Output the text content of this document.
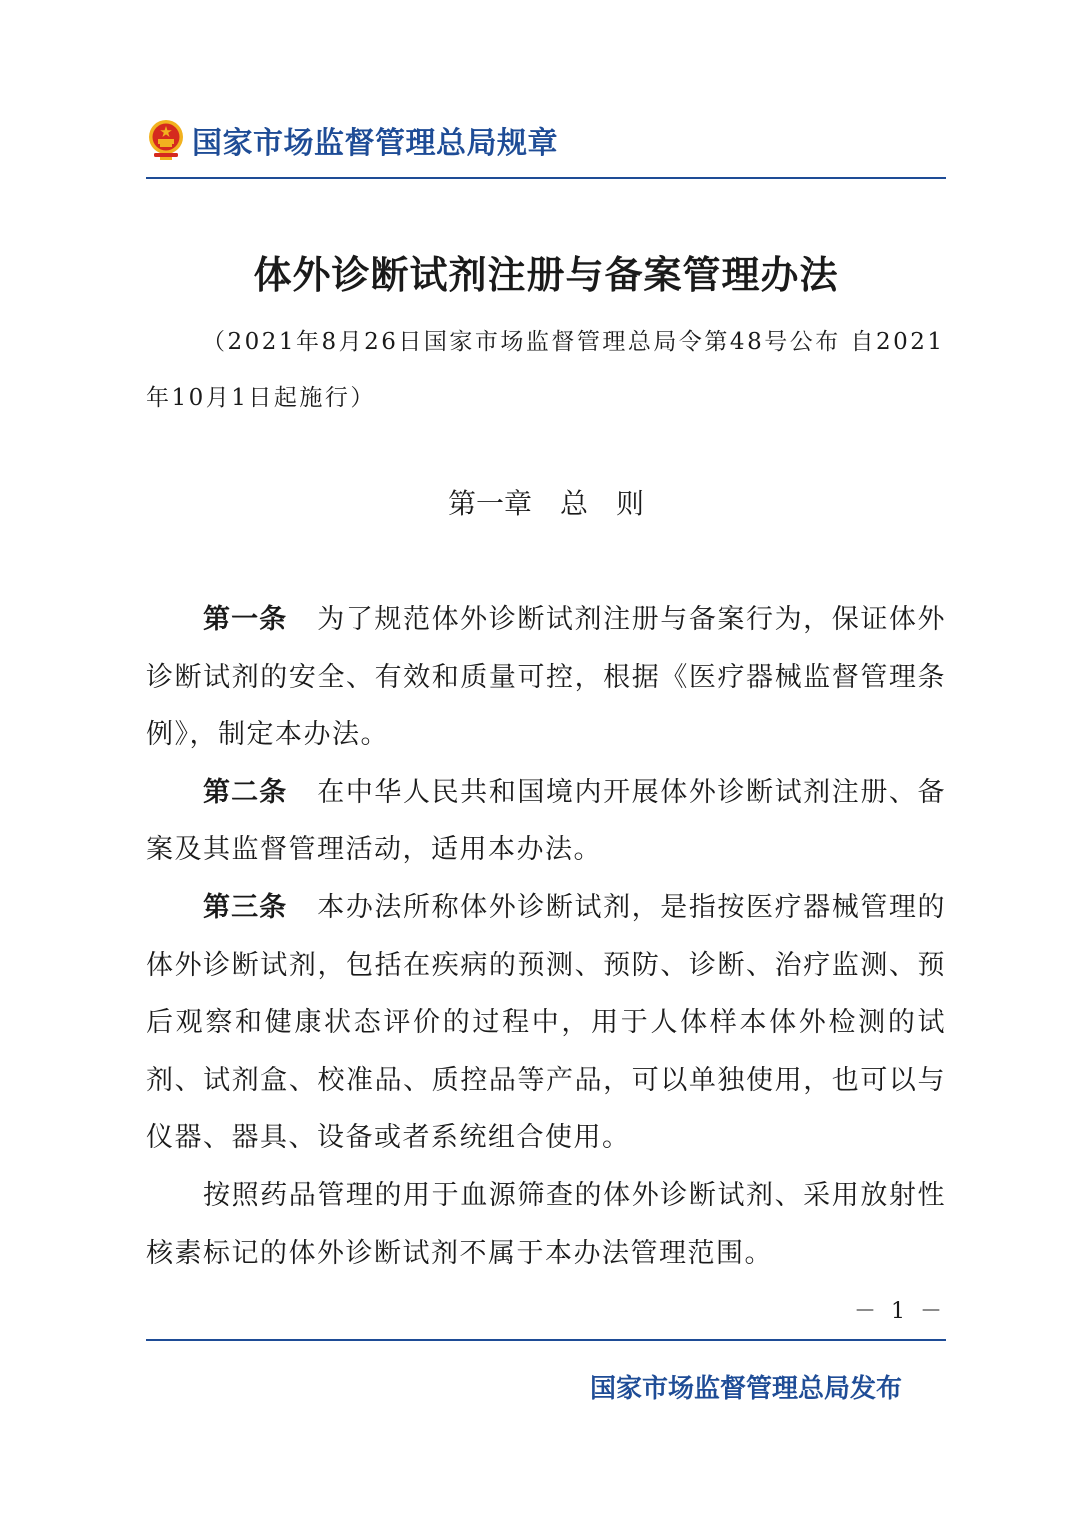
国家市场监督管理总局规章
体外诊断试剂注册与备案管理办法
（2021年8月26日国家市场监督管理总局令第48号公布 自2021年10月1日起施行）
第一章　总　则

第一条 为了规范体外诊断试剂注册与备案行为，保证体外诊断试剂的安全、有效和质量可控，根据《医疗器械监督管理条例》，制定本办法。

第二条 在中华人民共和国境内开展体外诊断试剂注册、备案及其监督管理活动，适用本办法。

第三条 本办法所称体外诊断试剂，是指按医疗器械管理的体外诊断试剂，包括在疾病的预测、预防、诊断、治疗监测、预后观察和健康状态评价的过程中，用于人体样本体外检测的试剂、试剂盒、校准品、质控品等产品，可以单独使用，也可以与仪器、器具、设备或者系统组合使用。

按照药品管理的用于血源筛查的体外诊断试剂、采用放射性核素标记的体外诊断试剂不属于本办法管理范围。

－ 1 －
国家市场监督管理总局发布
